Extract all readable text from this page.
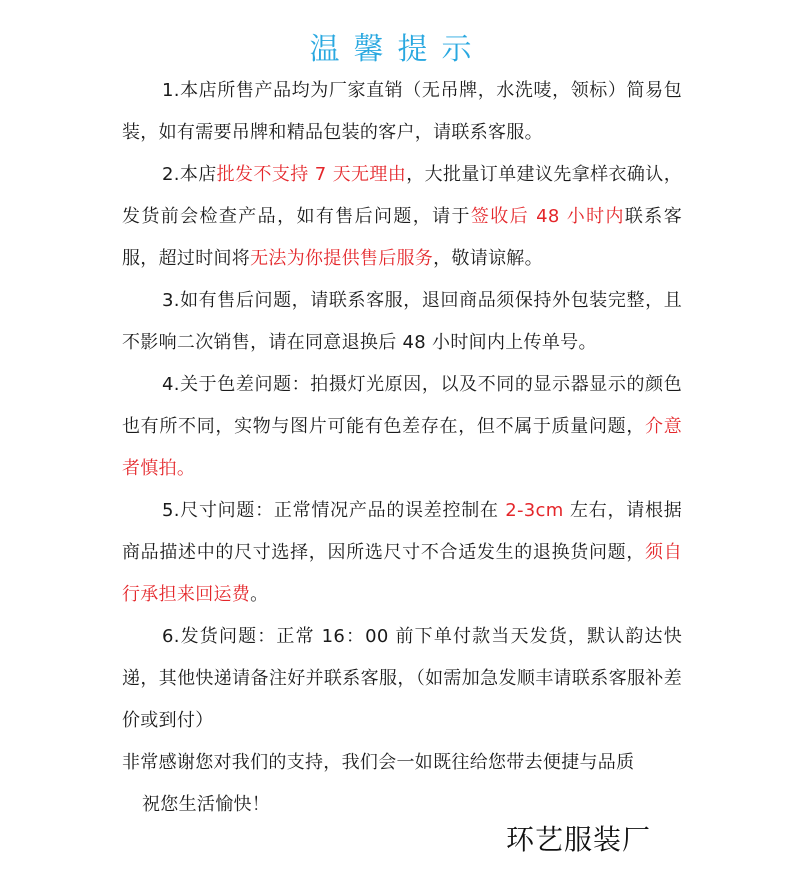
温馨提示

1.本店所售产品均为厂家直销（无吊牌，水洗唛，领标）简易包装，如有需要吊牌和精品包装的客户，请联系客服。

2.本店批发不支持 7 天无理由，大批量订单建议先拿样衣确认，发货前会检查产品，如有售后问题，请于签收后 48 小时内联系客服，超过时间将无法为你提供售后服务，敬请谅解。

3.如有售后问题，请联系客服，退回商品须保持外包装完整，且不影响二次销售，请在同意退换后 48 小时间内上传单号。

4.关于色差问题：拍摄灯光原因，以及不同的显示器显示的颜色也有所不同，实物与图片可能有色差存在，但不属于质量问题，介意者慎拍。

5.尺寸问题：正常情况产品的误差控制在 2-3cm 左右，请根据商品描述中的尺寸选择，因所选尺寸不合适发生的退换货问题，须自行承担来回运费。

6.发货问题：正常 16：00 前下单付款当天发货，默认韵达快递，其他快递请备注好并联系客服，（如需加急发顺丰请联系客服补差价或到付）

非常感谢您对我们的支持，我们会一如既往给您带去便捷与品质

祝您生活愉快！

环艺服装厂
